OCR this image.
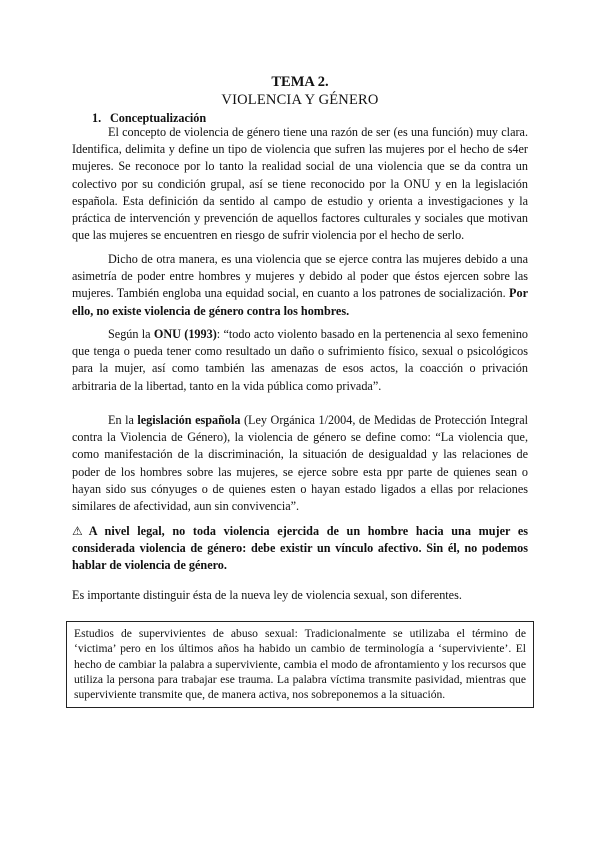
TEMA 2.
VIOLENCIA Y GÉNERO
1. Conceptualización

El concepto de violencia de género tiene una razón de ser (es una función) muy clara. Identifica, delimita y define un tipo de violencia que sufren las mujeres por el hecho de s4er mujeres. Se reconoce por lo tanto la realidad social de una violencia que se da contra un colectivo por su condición grupal, así se tiene reconocido por la ONU y en la legislación española. Esta definición da sentido al campo de estudio y orienta a investigaciones y la práctica de intervención y prevención de aquellos factores culturales y sociales que motivan que las mujeres se encuentren en riesgo de sufrir violencia por el hecho de serlo.

Dicho de otra manera, es una violencia que se ejerce contra las mujeres debido a una asimetría de poder entre hombres y mujeres y debido al poder que éstos ejercen sobre las mujeres. También engloba una equidad social, en cuanto a los patrones de socialización. Por ello, no existe violencia de género contra los hombres.

Según la ONU (1993): “todo acto violento basado en la pertenencia al sexo femenino que tenga o pueda tener como resultado un daño o sufrimiento físico, sexual o psicológicos para la mujer, así como también las amenazas de esos actos, la coacción o privación arbitraria de la libertad, tanto en la vida pública como privada”.

En la legislación española (Ley Orgánica 1/2004, de Medidas de Protección Integral contra la Violencia de Género), la violencia de género se define como: “La violencia que, como manifestación de la discriminación, la situación de desigualdad y las relaciones de poder de los hombres sobre las mujeres, se ejerce sobre esta ppr parte de quienes sean o hayan sido sus cónyuges o de quienes esten o hayan estado ligados a ellas por relaciones similares de afectividad, aun sin convivencia”.

⚠ A nivel legal, no toda violencia ejercida de un hombre hacia una mujer es considerada violencia de género: debe existir un vínculo afectivo. Sin él, no podemos hablar de violencia de género.

Es importante distinguir ésta de la nueva ley de violencia sexual, son diferentes.

Estudios de supervivientes de abuso sexual: Tradicionalmente se utilizaba el término de ‘victima’ pero en los últimos años ha habido un cambio de terminología a ‘superviviente’. El hecho de cambiar la palabra a superviviente, cambia el modo de afrontamiento y los recursos que utiliza la persona para trabajar ese trauma. La palabra víctima transmite pasividad, mientras que superviviente transmite que, de manera activa, nos sobreponemos a la situación.
